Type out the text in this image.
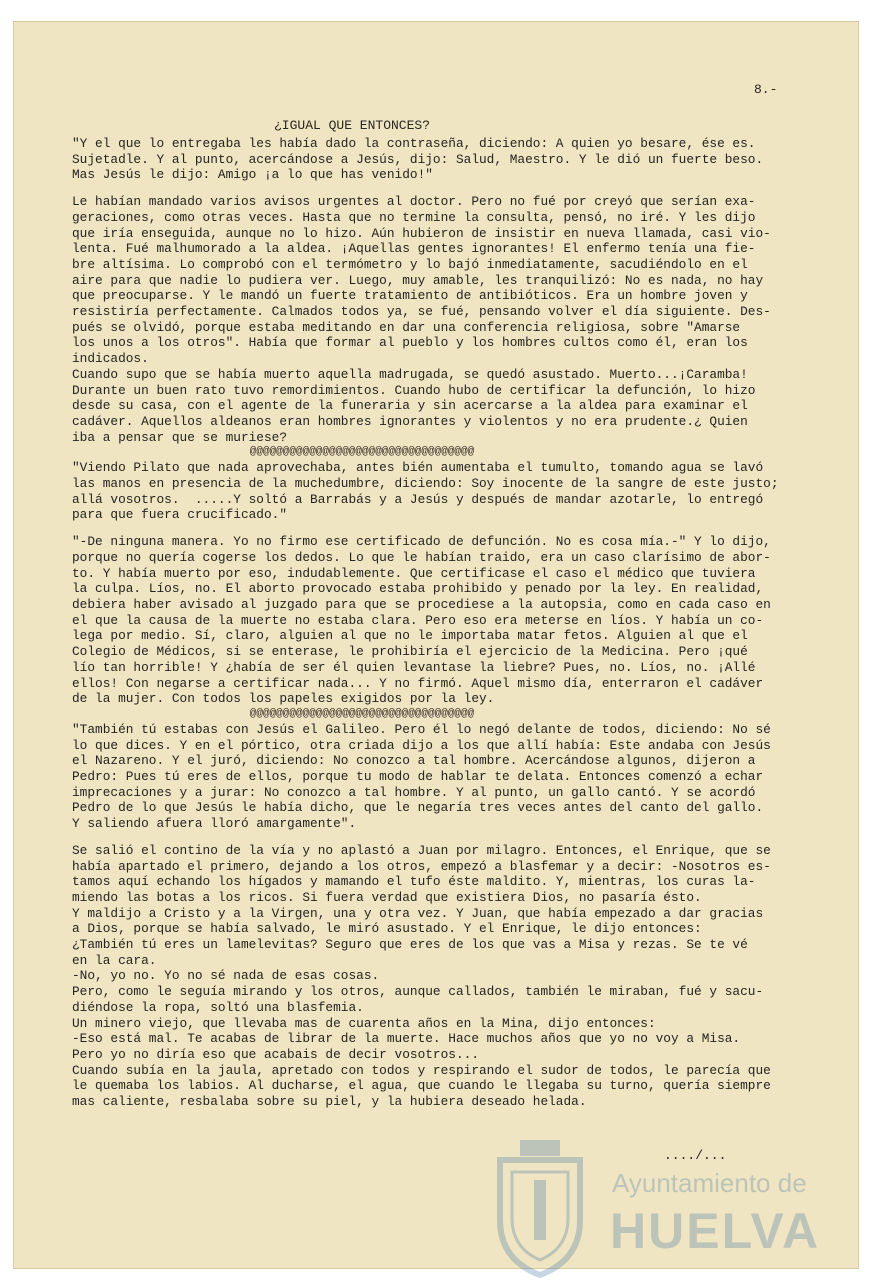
8.-
¿IGUAL QUE ENTONCES?

"Y el que lo entregaba les había dado la contraseña, diciendo: A quien yo besare, ése es.
Sujetadle. Y al punto, acercándose a Jesús, dijo: Salud, Maestro. Y le dió un fuerte beso.
Mas Jesús le dijo: Amigo ¡a lo que has venido!"

Le habían mandado varios avisos urgentes al doctor. Pero no fué por creyó que serían exa-
geraciones, como otras veces. Hasta que no termine la consulta, pensó, no iré. Y les dijo
que iría enseguida, aunque no lo hizo. Aún hubieron de insistir en nueva llamada, casi vio-
lenta. Fué malhumorado a la aldea. ¡Aquellas gentes ignorantes! El enfermo tenía una fie-
bre altísima. Lo comprobó con el termómetro y lo bajó inmediatamente, sacudiéndolo en el
aire para que nadie lo pudiera ver. Luego, muy amable, les tranquilizó: No es nada, no hay
que preocuparse. Y le mandó un fuerte tratamiento de antibióticos. Era un hombre joven y
resistiría perfectamente. Calmados todos ya, se fué, pensando volver el día siguiente. Des-
pués se olvidó, porque estaba meditando en dar una conferencia religiosa, sobre "Amarse
los unos a los otros". Había que formar al pueblo y los hombres cultos como él, eran los
indicados.

Cuando supo que se había muerto aquella madrugada, se quedó asustado. Muerto...¡Caramba!
Durante un buen rato tuvo remordimientos. Cuando hubo de certificar la defunción, lo hizo
desde su casa, con el agente de la funeraria y sin acercarse a la aldea para examinar el
cadáver. Aquellos aldeanos eran hombres ignorantes y violentos y no era prudente.¿ Quien
iba a pensar que se muriese?

@@@@@@@@@@@@@@@@@@@@@@@@@@@@@@@@@@

"Viendo Pilato que nada aprovechaba, antes bién aumentaba el tumulto, tomando agua se lavó
las manos en presencia de la muchedumbre, diciendo: Soy inocente de la sangre de este justo;
allá vosotros.  .....Y soltó a Barrabás y a Jesús y después de mandar azotarle, lo entregó
para que fuera crucificado."

"-De ninguna manera. Yo no firmo ese certificado de defunción. No es cosa mía.-" Y lo dijo,
porque no quería cogerse los dedos. Lo que le habían traido, era un caso clarísimo de abor-
to. Y había muerto por eso, indudablemente. Que certificase el caso el médico que tuviera
la culpa. Líos, no. El aborto provocado estaba prohibido y penado por la ley. En realidad,
debiera haber avisado al juzgado para que se procediese a la autopsia, como en cada caso en
el que la causa de la muerte no estaba clara. Pero eso era meterse en líos. Y había un co-
lega por medio. Sí, claro, alguien al que no le importaba matar fetos. Alguien al que el
Colegio de Médicos, si se enterase, le prohibiría el ejercicio de la Medicina. Pero ¡qué
lío tan horrible! Y ¿había de ser él quien levantase la liebre? Pues, no. Líos, no. ¡Allé
ellos! Con negarse a certificar nada... Y no firmó. Aquel mismo día, enterraron el cadáver
de la mujer. Con todos los papeles exigidos por la ley.

@@@@@@@@@@@@@@@@@@@@@@@@@@@@@@@@@@

"También tú estabas con Jesús el Galileo. Pero él lo negó delante de todos, diciendo: No sé
lo que dices. Y en el pórtico, otra criada dijo a los que allí había: Este andaba con Jesús
el Nazareno. Y el juró, diciendo: No conozco a tal hombre. Acercándose algunos, dijeron a
Pedro: Pues tú eres de ellos, porque tu modo de hablar te delata. Entonces comenzó a echar
imprecaciones y a jurar: No conozco a tal hombre. Y al punto, un gallo cantó. Y se acordó
Pedro de lo que Jesús le había dicho, que le negaría tres veces antes del canto del gallo.
Y saliendo afuera lloró amargamente".

Se salió el contino de la vía y no aplastó a Juan por milagro. Entonces, el Enrique, que se
había apartado el primero, dejando a los otros, empezó a blasfemar y a decir: -Nosotros es-
tamos aquí echando los hígados y mamando el tufo éste maldito. Y, mientras, los curas la-
miendo las botas a los ricos. Si fuera verdad que existiera Dios, no pasaría ésto.
Y maldijo a Cristo y a la Virgen, una y otra vez. Y Juan, que había empezado a dar gracias
a Dios, porque se había salvado, le miró asustado. Y el Enrique, le dijo entonces:
¿También tú eres un lamelevitas? Seguro que eres de los que vas a Misa y rezas. Se te vé
en la cara.
-No, yo no. Yo no sé nada de esas cosas.
Pero, como le seguía mirando y los otros, aunque callados, también le miraban, fué y sacu-
diéndose la ropa, soltó una blasfemia.
Un minero viejo, que llevaba mas de cuarenta años en la Mina, dijo entonces:
-Eso está mal. Te acabas de librar de la muerte. Hace muchos años que yo no voy a Misa.
Pero yo no diría eso que acabais de decir vosotros...
Cuando subía en la jaula, apretado con todos y respirando el sudor de todos, le parecía que
le quemaba los labios. Al ducharse, el agua, que cuando le llegaba su turno, quería siempre
mas caliente, resbalaba sobre su piel, y la hubiera deseado helada.

..../...
Ayuntamiento de
HUELVA
